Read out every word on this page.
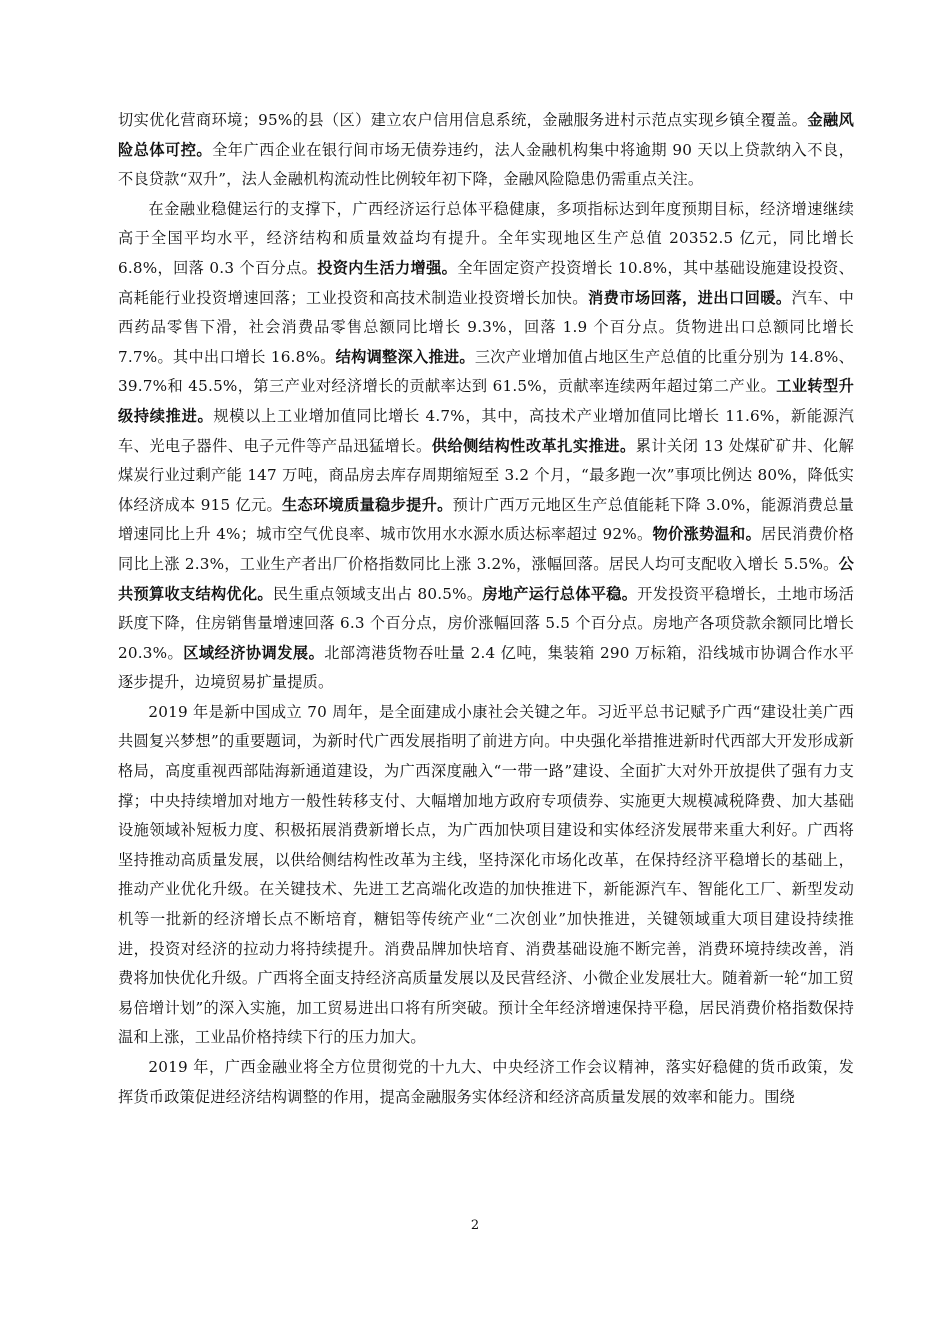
切实优化营商环境；95%的县（区）建立农户信用信息系统，金融服务进村示范点实现乡镇全覆盖。金融风险总体可控。全年广西企业在银行间市场无债券违约，法人金融机构集中将逾期 90 天以上贷款纳入不良，不良贷款“双升”，法人金融机构流动性比例较年初下降，金融风险隐患仍需重点关注。

在金融业稳健运行的支撑下，广西经济运行总体平稳健康，多项指标达到年度预期目标，经济增速继续高于全国平均水平，经济结构和质量效益均有提升。全年实现地区生产总值 20352.5 亿元，同比增长 6.8%，回落 0.3 个百分点。投资内生活力增强。全年固定资产投资增长 10.8%，其中基础设施建设投资、高耗能行业投资增速回落；工业投资和高技术制造业投资增长加快。消费市场回落，进出口回暖。汽车、中西药品零售下滑，社会消费品零售总额同比增长 9.3%，回落 1.9 个百分点。货物进出口总额同比增长 7.7%。其中出口增长 16.8%。结构调整深入推进。三次产业增加值占地区生产总值的比重分别为 14.8%、39.7%和 45.5%，第三产业对经济增长的贡献率达到 61.5%，贡献率连续两年超过第二产业。工业转型升级持续推进。规模以上工业增加值同比增长 4.7%，其中，高技术产业增加值同比增长 11.6%，新能源汽车、光电子器件、电子元件等产品迅猛增长。供给侧结构性改革扎实推进。累计关闭 13 处煤矿矿井、化解煤炭行业过剩产能 147 万吨，商品房去库存周期缩短至 3.2 个月，“最多跑一次”事项比例达 80%，降低实体经济成本 915 亿元。生态环境质量稳步提升。预计广西万元地区生产总值能耗下降 3.0%，能源消费总量增速同比上升 4%；城市空气优良率、城市饮用水水源水质达标率超过 92%。物价涨势温和。居民消费价格同比上涨 2.3%，工业生产者出厂价格指数同比上涨 3.2%，涨幅回落。居民人均可支配收入增长 5.5%。公共预算收支结构优化。民生重点领域支出占 80.5%。房地产运行总体平稳。开发投资平稳增长，土地市场活跃度下降，住房销售量增速回落 6.3 个百分点，房价涨幅回落 5.5 个百分点。房地产各项贷款余额同比增长 20.3%。区域经济协调发展。北部湾港货物吞吐量 2.4 亿吨，集装箱 290 万标箱，沿线城市协调合作水平逐步提升，边境贸易扩量提质。

2019 年是新中国成立 70 周年，是全面建成小康社会关键之年。习近平总书记赋予广西“建设壮美广西共圆复兴梦想”的重要题词，为新时代广西发展指明了前进方向。中央强化举措推进新时代西部大开发形成新格局，高度重视西部陆海新通道建设，为广西深度融入“一带一路”建设、全面扩大对外开放提供了强有力支撑；中央持续增加对地方一般性转移支付、大幅增加地方政府专项债券、实施更大规模减税降费、加大基础设施领域补短板力度、积极拓展消费新增长点，为广西加快项目建设和实体经济发展带来重大利好。广西将坚持推动高质量发展，以供给侧结构性改革为主线，坚持深化市场化改革，在保持经济平稳增长的基础上，推动产业优化升级。在关键技术、先进工艺高端化改造的加快推进下，新能源汽车、智能化工厂、新型发动机等一批新的经济增长点不断培育，糖铝等传统产业“二次创业”加快推进，关键领域重大项目建设持续推进，投资对经济的拉动力将持续提升。消费品牌加快培育、消费基础设施不断完善，消费环境持续改善，消费将加快优化升级。广西将全面支持经济高质量发展以及民营经济、小微企业发展壮大。随着新一轮“加工贸易倍增计划”的深入实施，加工贸易进出口将有所突破。预计全年经济增速保持平稳，居民消费价格指数保持温和上涨，工业品价格持续下行的压力加大。

2019 年，广西金融业将全方位贯彻党的十九大、中央经济工作会议精神，落实好稳健的货币政策，发挥货币政策促进经济结构调整的作用，提高金融服务实体经济和经济高质量发展的效率和能力。围绕

2
